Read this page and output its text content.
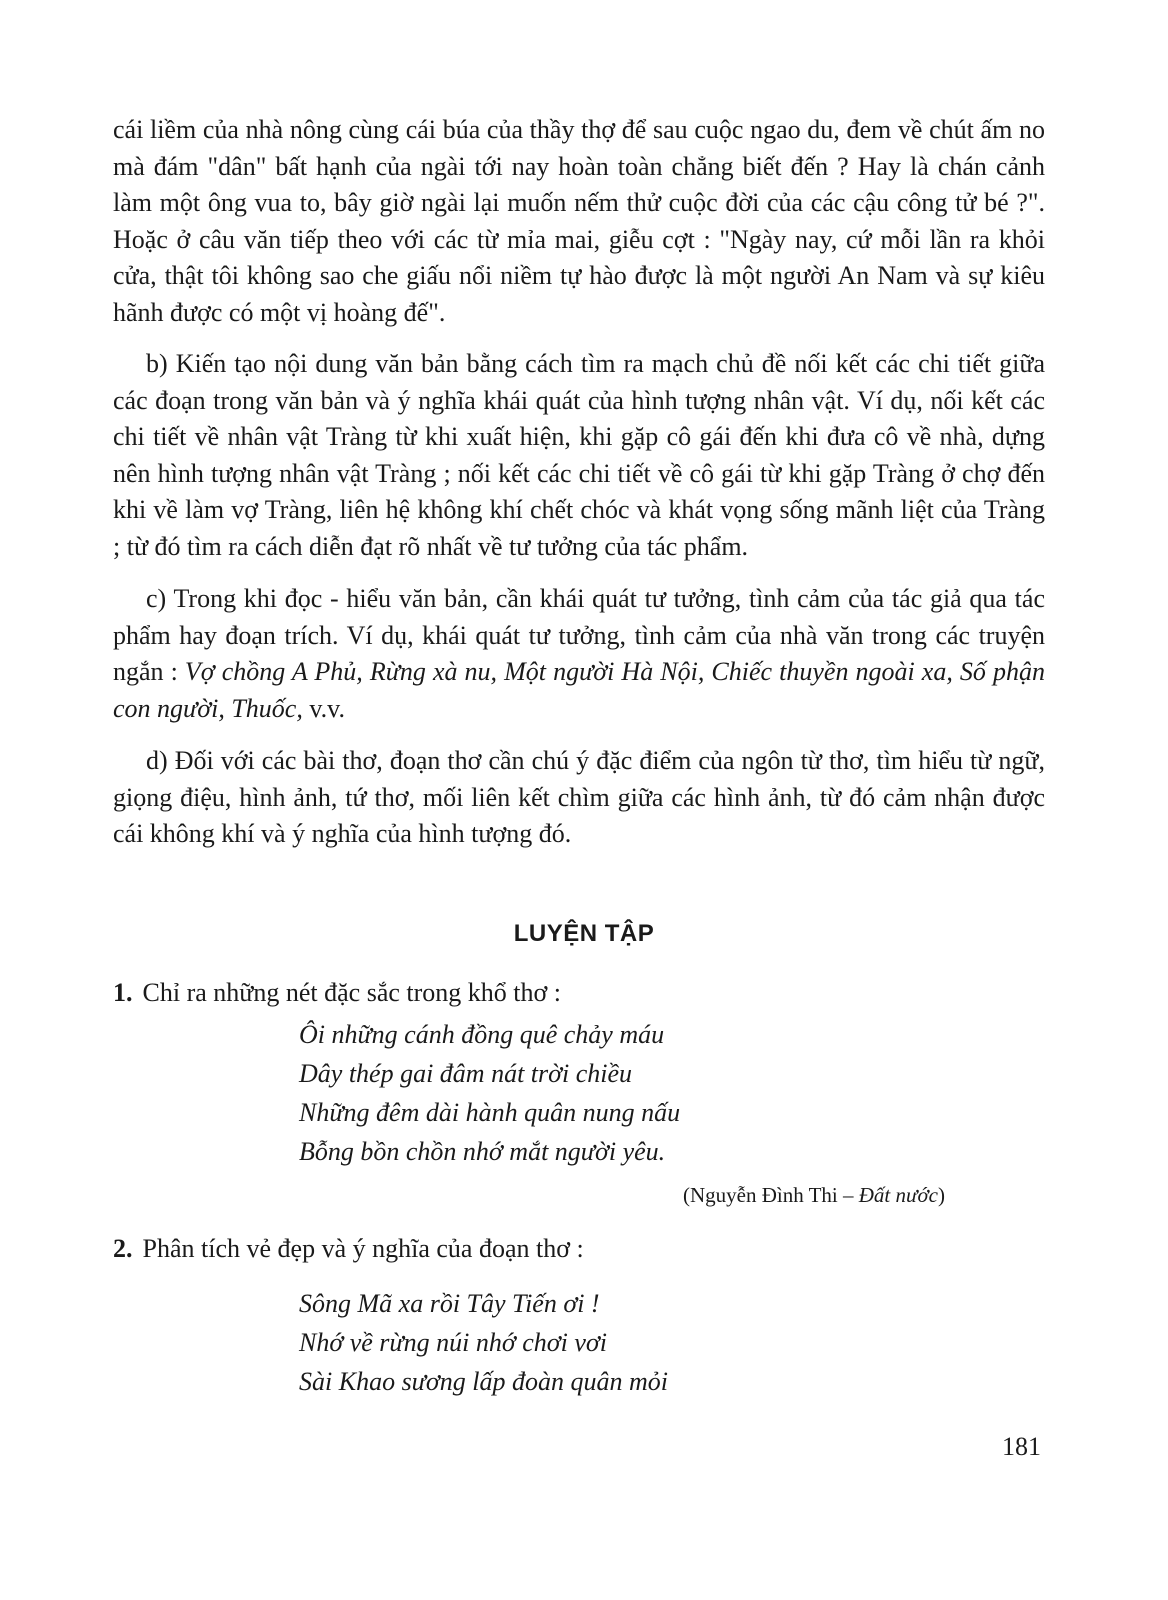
cái liềm của nhà nông cùng cái búa của thầy thợ để sau cuộc ngao du, đem về chút ấm no mà đám "dân" bất hạnh của ngài tới nay hoàn toàn chẳng biết đến ? Hay là chán cảnh làm một ông vua to, bây giờ ngài lại muốn nếm thử cuộc đời của các cậu công tử bé ?". Hoặc ở câu văn tiếp theo với các từ mỉa mai, giễu cợt : "Ngày nay, cứ mỗi lần ra khỏi cửa, thật tôi không sao che giấu nổi niềm tự hào được là một người An Nam và sự kiêu hãnh được có một vị hoàng đế".

b) Kiến tạo nội dung văn bản bằng cách tìm ra mạch chủ đề nối kết các chi tiết giữa các đoạn trong văn bản và ý nghĩa khái quát của hình tượng nhân vật. Ví dụ, nối kết các chi tiết về nhân vật Tràng từ khi xuất hiện, khi gặp cô gái đến khi đưa cô về nhà, dựng nên hình tượng nhân vật Tràng ; nối kết các chi tiết về cô gái từ khi gặp Tràng ở chợ đến khi về làm vợ Tràng, liên hệ không khí chết chóc và khát vọng sống mãnh liệt của Tràng ; từ đó tìm ra cách diễn đạt rõ nhất về tư tưởng của tác phẩm.

c) Trong khi đọc - hiểu văn bản, cần khái quát tư tưởng, tình cảm của tác giả qua tác phẩm hay đoạn trích. Ví dụ, khái quát tư tưởng, tình cảm của nhà văn trong các truyện ngắn : Vợ chồng A Phủ, Rừng xà nu, Một người Hà Nội, Chiếc thuyền ngoài xa, Số phận con người, Thuốc, v.v.

d) Đối với các bài thơ, đoạn thơ cần chú ý đặc điểm của ngôn từ thơ, tìm hiểu từ ngữ, giọng điệu, hình ảnh, tứ thơ, mối liên kết chìm giữa các hình ảnh, từ đó cảm nhận được cái không khí và ý nghĩa của hình tượng đó.

LUYỆN TẬP
1. Chỉ ra những nét đặc sắc trong khổ thơ :
Ôi những cánh đồng quê chảy máu
Dây thép gai đâm nát trời chiều
Những đêm dài hành quân nung nấu
Bỗng bồn chồn nhớ mắt người yêu.
(Nguyễn Đình Thi – Đất nước)
2. Phân tích vẻ đẹp và ý nghĩa của đoạn thơ :
Sông Mã xa rồi Tây Tiến ơi !
Nhớ về rừng núi nhớ chơi vơi
Sài Khao sương lấp đoàn quân mỏi
181
